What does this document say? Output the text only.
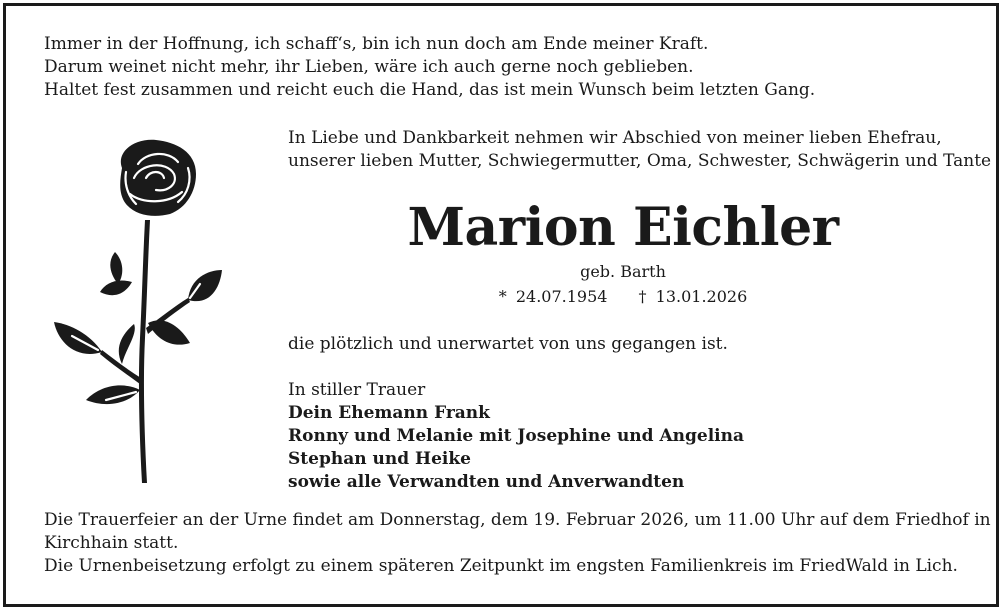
Immer in der Hoffnung, ich schaff‘s, bin ich nun doch am Ende meiner Kraft.
Darum weinet nicht mehr, ihr Lieben, wäre ich auch gerne noch geblieben.
Haltet fest zusammen und reicht euch die Hand, das ist mein Wunsch beim letzten Gang.
In Liebe und Dankbarkeit nehmen wir Abschied von meiner lieben Ehefrau,
unserer lieben Mutter, Schwiegermutter, Oma, Schwester, Schwägerin und Tante
Marion Eichler
geb. Barth
* 24.07.1954 † 13.01.2026
die plötzlich und unerwartet von uns gegangen ist.
In stiller Trauer
Dein Ehemann Frank
Ronny und Melanie mit Josephine und Angelina
Stephan und Heike
sowie alle Verwandten und Anverwandten
Die Trauerfeier an der Urne findet am Donnerstag, dem 19. Februar 2026, um 11.00 Uhr auf dem Friedhof in
Kirchhain statt.
Die Urnenbeisetzung erfolgt zu einem späteren Zeitpunkt im engsten Familienkreis im FriedWald in Lich.
